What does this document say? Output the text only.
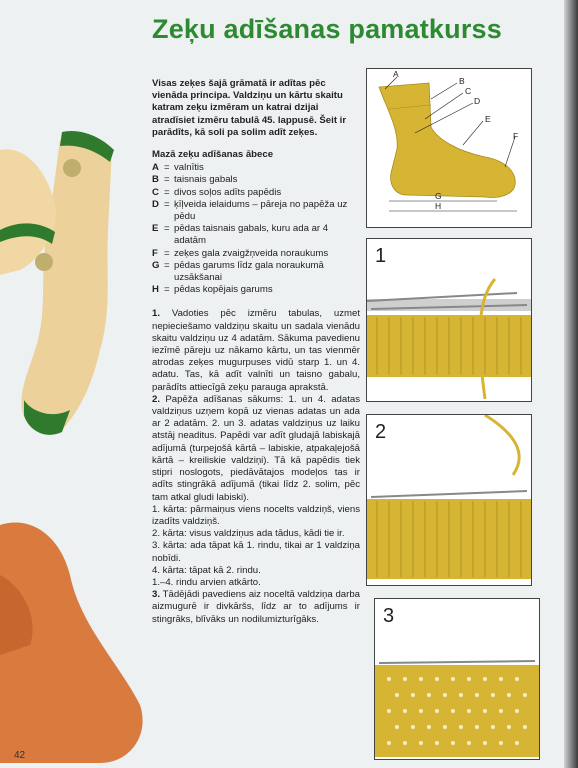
Zeķu adīšanas pamatkurss

Visas zeķes šajā grāmatā ir adītas pēc vienāda principa. Valdziņu un kārtu skaitu katram zeķu izmēram un katrai dzijai atradīsiet izmēru tabulā 45. lappusē. Šeit ir parādīts, kā soli pa solim adīt zeķes.

Mazā zeķu adīšanas ābece
A = valnītis
B = taisnais gabals
C = divos soļos adīts papēdis
D = ķīļveida ielaidums – pāreja no papēža uz pēdu
E = pēdas taisnais gabals, kuru ada ar 4 adatām
F = zeķes gala zvaigžņveida noraukums
G = pēdas garums līdz gala noraukumā uzsākšanai
H = pēdas kopējais garums

1. Vadoties pēc izmēru tabulas, uzmet nepieciešamo valdziņu skaitu un sadala vienādu skaitu valdziņu uz 4 adatām. Sākuma pavedienu iezīmē pāreju uz nākamo kārtu, un tas vienmēr atrodas zeķes mugurpuses vidū starp 1. un 4. adatu. Tas, kā adīt valnīti un taisno gabalu, parādīts attiecīgā zeķu parauga aprakstā.

2. Papēža adīšanas sākums: 1. un 4. adatas valdziņus uzņem kopā uz vienas adatas un ada ar 2 adatām. 2. un 3. adatas valdziņus uz laiku atstāj neaditus. Papēdi var adīt gludajā labiskajā adījumā (turpejošā kārtā – labiskie, atpakaļejošā kārtā – kreiliskie valdziņi). Tā kā papēdis tiek stipri noslogots, piedāvātajos modeļos tas ir adīts stingrākā adījumā (tikai līdz 2. solim, pēc tam atkal gludi labiski).

1. kārta: pārmaiņus viens nocelts valdziņš, viens izadīts valdziņš.

2. kārta: visus valdziņus ada tādus, kādi tie ir.

3. kārta: ada tāpat kā 1. rindu, tikai ar 1 valdziņa nobīdi.

4. kārta: tāpat kā 2. rindu.

1.–4. rindu arvien atkārto.

3. Tādējādi pavediens aiz noceltā valdziņa darba aizmugurē ir divkāršs, līdz ar to adījums ir stingrāks, blīvāks un nodilumizturīgāks.

A
B
C
D
E
F
G
H
1
2
3
42
